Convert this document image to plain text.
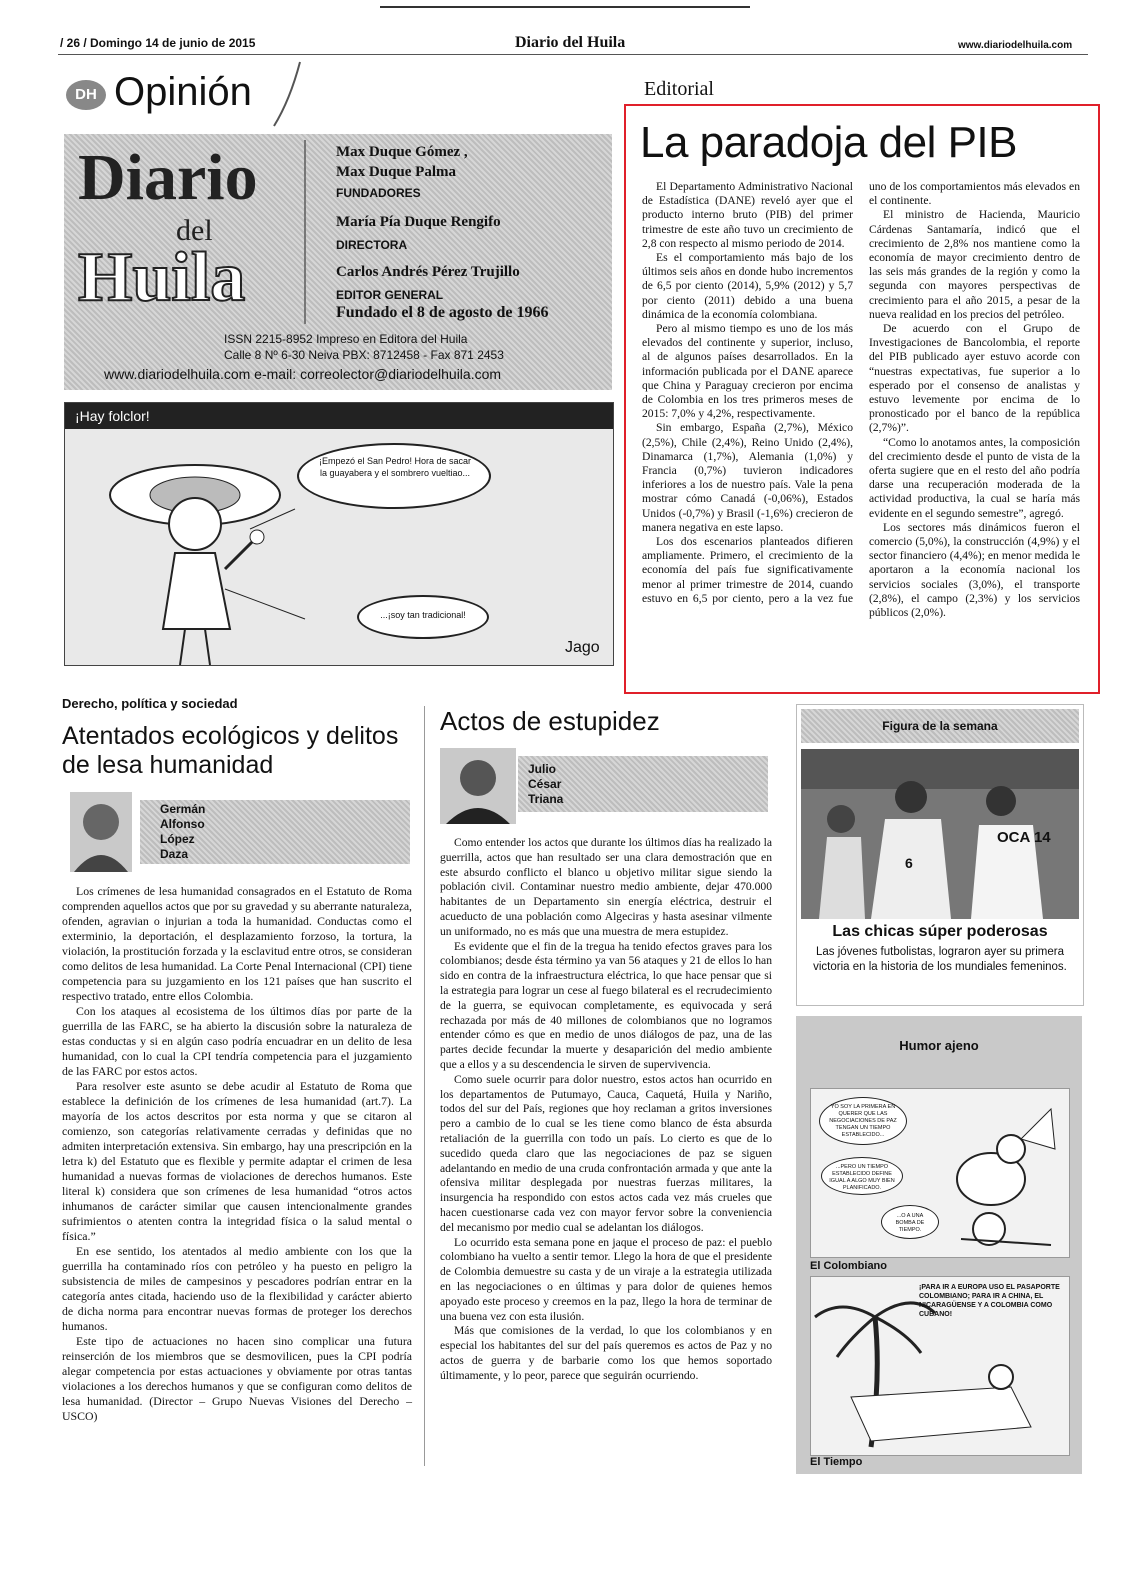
/ 26 / Domingo 14 de junio de 2015	Diario del Huila	www.diariodelhuila.com
DH Opinión
Diario
del
Huila
Max Duque Gómez ,
Max Duque Palma
FUNDADORES
María Pía Duque Rengifo
DIRECTORA
Carlos Andrés Pérez Trujillo
EDITOR GENERAL
Fundado el 8 de agosto de 1966
ISSN 2215-8952 Impreso en Editora del Huila
Calle 8 Nº 6-30 Neiva PBX: 8712458 - Fax 871 2453
www.diariodelhuila.com e-mail: correolector@diariodelhuila.com
¡Hay folclor!
¡Empezó el San Pedro! Hora de sacar la guayabera y el sombrero vueltiao...
...¡soy tan tradicional!
Jago
Editorial
La paradoja del PIB

El Departamento Administrativo Nacional de Estadística (DANE) reveló ayer que el producto interno bruto (PIB) del primer trimestre de este año tuvo un crecimiento de 2,8 con respecto al mismo periodo de 2014.

Es el comportamiento más bajo de los últimos seis años en donde hubo incrementos de 6,5 por ciento (2014), 5,9% (2012) y 5,7 por ciento (2011) debido a una buena dinámica de la economía colombiana.

Pero al mismo tiempo es uno de los más elevados del continente y superior, incluso, al de algunos países desarrollados. En la información publicada por el DANE aparece que China y Paraguay crecieron por encima de Colombia en los tres primeros meses de 2015: 7,0% y 4,2%, respectivamente.

Sin embargo, España (2,7%), México (2,5%), Chile (2,4%), Reino Unido (2,4%), Dinamarca (1,7%), Alemania (1,0%) y Francia (0,7%) tuvieron indicadores inferiores a los de nuestro país. Vale la pena mostrar cómo Canadá (-0,06%), Estados Unidos (-0,7%) y Brasil (-1,6%) crecieron de manera negativa en este lapso.

Los dos escenarios planteados difieren ampliamente. Primero, el crecimiento de la economía del país fue significativamente menor al primer trimestre de 2014, cuando estuvo en 6,5 por ciento, pero a la vez fue uno de los comportamientos más elevados en el continente.

El ministro de Hacienda, Mauricio Cárdenas Santamaría, indicó que el crecimiento de 2,8% nos mantiene como la economía de mayor crecimiento dentro de las seis más grandes de la región y como la segunda con mayores perspectivas de crecimiento para el año 2015, a pesar de la nueva realidad en los precios del petróleo.

De acuerdo con el Grupo de Investigaciones de Bancolombia, el reporte del PIB publicado ayer estuvo acorde con “nuestras expectativas, fue superior a lo esperado por el consenso de analistas y estuvo levemente por encima de lo pronosticado por el banco de la república (2,7%)”.

“Como lo anotamos antes, la composición del crecimiento desde el punto de vista de la oferta sugiere que en el resto del año podría darse una recuperación moderada de la actividad productiva, la cual se haría más evidente en el segundo semestre”, agregó.

Los sectores más dinámicos fueron el comercio (5,0%), la construcción (4,9%) y el sector financiero (4,4%); en menor medida le aportaron a la economía nacional los servicios sociales (3,0%), el transporte (2,8%), el campo (2,3%) y los servicios públicos (2,0%).

Derecho, política y sociedad
Atentados ecológicos y delitos de lesa humanidad
Germán
Alfonso
López
Daza

Los crímenes de lesa humanidad consagrados en el Estatuto de Roma comprenden aquellos actos que por su gravedad y su aberrante naturaleza, ofenden, agravian o injurian a toda la humanidad. Conductas como el exterminio, la deportación, el desplazamiento forzoso, la tortura, la violación, la prostitución forzada y la esclavitud entre otros, se consideran como delitos de lesa humanidad. La Corte Penal Internacional (CPI) tiene competencia para su juzgamiento en los 121 países que han suscrito el respectivo tratado, entre ellos Colombia.

Con los ataques al ecosistema de los últimos días por parte de la guerrilla de las FARC, se ha abierto la discusión sobre la naturaleza de estas conductas y si en algún caso podría encuadrar en un delito de lesa humanidad, con lo cual la CPI tendría competencia para el juzgamiento de las FARC por estos actos.

Para resolver este asunto se debe acudir al Estatuto de Roma que establece la definición de los crímenes de lesa humanidad (art.7). La mayoría de los actos descritos por esta norma y que se citaron al comienzo, son categorías relativamente cerradas y definidas que no admiten interpretación extensiva. Sin embargo, hay una prescripción en la letra k) del Estatuto que es flexible y permite adaptar el crimen de lesa humanidad a nuevas formas de violaciones de derechos humanos. Este literal k) considera que son crímenes de lesa humanidad “otros actos inhumanos de carácter similar que causen intencionalmente grandes sufrimientos o atenten contra la integridad física o la salud mental o física.”

En ese sentido, los atentados al medio ambiente con los que la guerrilla ha contaminado ríos con petróleo y ha puesto en peligro la subsistencia de miles de campesinos y pescadores podrían entrar en la categoría antes citada, haciendo uso de la flexibilidad y carácter abierto de dicha norma para encontrar nuevas formas de proteger los derechos humanos.

Este tipo de actuaciones no hacen sino complicar una futura reinserción de los miembros que se desmovilicen, pues la CPI podría alegar competencia por estas actuaciones y obviamente por otras tantas violaciones a los derechos humanos y que se configuran como delitos de lesa humanidad. (Director – Grupo Nuevas Visiones del Derecho – USCO)

Actos de estupidez
Julio
César
Triana

Como entender los actos que durante los últimos días ha realizado la guerrilla, actos que han resultado ser una clara demostración que en este absurdo conflicto el blanco u objetivo militar sigue siendo la población civil. Contaminar nuestro medio ambiente, dejar 470.000 habitantes de un Departamento sin energía eléctrica, destruir el acueducto de una población como Algeciras y hasta asesinar vilmente un uniformado, no es más que una muestra de mera estupidez.

Es evidente que el fin de la tregua ha tenido efectos graves para los colombianos; desde ésta término ya van 56 ataques y 21 de ellos lo han sido en contra de la infraestructura eléctrica, lo que hace pensar que si la estrategia para lograr un cese al fuego bilateral es el recrudecimiento de la guerra, se equivocan completamente, es equivocada y será rechazada por más de 40 millones de colombianos que no logramos entender cómo es que en medio de unos diálogos de paz, una de las partes decide fecundar la muerte y desaparición del medio ambiente que a ellos y a su descendencia le sirven de supervivencia.

Como suele ocurrir para dolor nuestro, estos actos han ocurrido en los departamentos de Putumayo, Cauca, Caquetá, Huila y Nariño, todos del sur del País, regiones que hoy reclaman a gritos inversiones pero a cambio de lo cual se les tiene como blanco de ésta absurda retaliación de la guerrilla con todo un país. Lo cierto es que de lo sucedido queda claro que las negociaciones de paz se siguen adelantando en medio de una cruda confrontación armada y que ante la ofensiva militar desplegada por nuestras fuerzas militares, la insurgencia ha respondido con estos actos cada vez más crueles que hacen cuestionarse cada vez con mayor fervor sobre la conveniencia del mecanismo por medio cual se adelantan los diálogos.

Lo ocurrido esta semana pone en jaque el proceso de paz: el pueblo colombiano ha vuelto a sentir temor. Llego la hora de que el presidente de Colombia demuestre su casta y de un viraje a la estrategia utilizada en las negociaciones o en últimas y para dolor de quienes hemos apoyado este proceso y creemos en la paz, llego la hora de terminar de una buena vez con esta ilusión.

Más que comisiones de la verdad, lo que los colombianos y en especial los habitantes del sur del país queremos es actos de Paz y no actos de guerra y de barbarie como los que hemos soportado últimamente, y lo peor, parece que seguirán ocurriendo.

Figura de la semana
6
OCA 14
Las chicas súper poderosas
Las jóvenes futbolistas, lograron ayer su primera victoria en la historia de los mundiales femeninos.
Humor ajeno
YO SOY LA PRIMERA EN QUERER QUE LAS NEGOCIACIONES DE PAZ TENGAN UN TIEMPO ESTABLECIDO...
...PERO UN TIEMPO ESTABLECIDO DEFINE IGUAL A ALGO MUY BIEN PLANIFICADO.
...O A UNA BOMBA DE TIEMPO.
El Colombiano
¡PARA IR A EUROPA USO EL PASAPORTE COLOMBIANO; PARA IR A CHINA, EL NICARAGÜENSE Y A COLOMBIA COMO CUBANO!
El Tiempo
